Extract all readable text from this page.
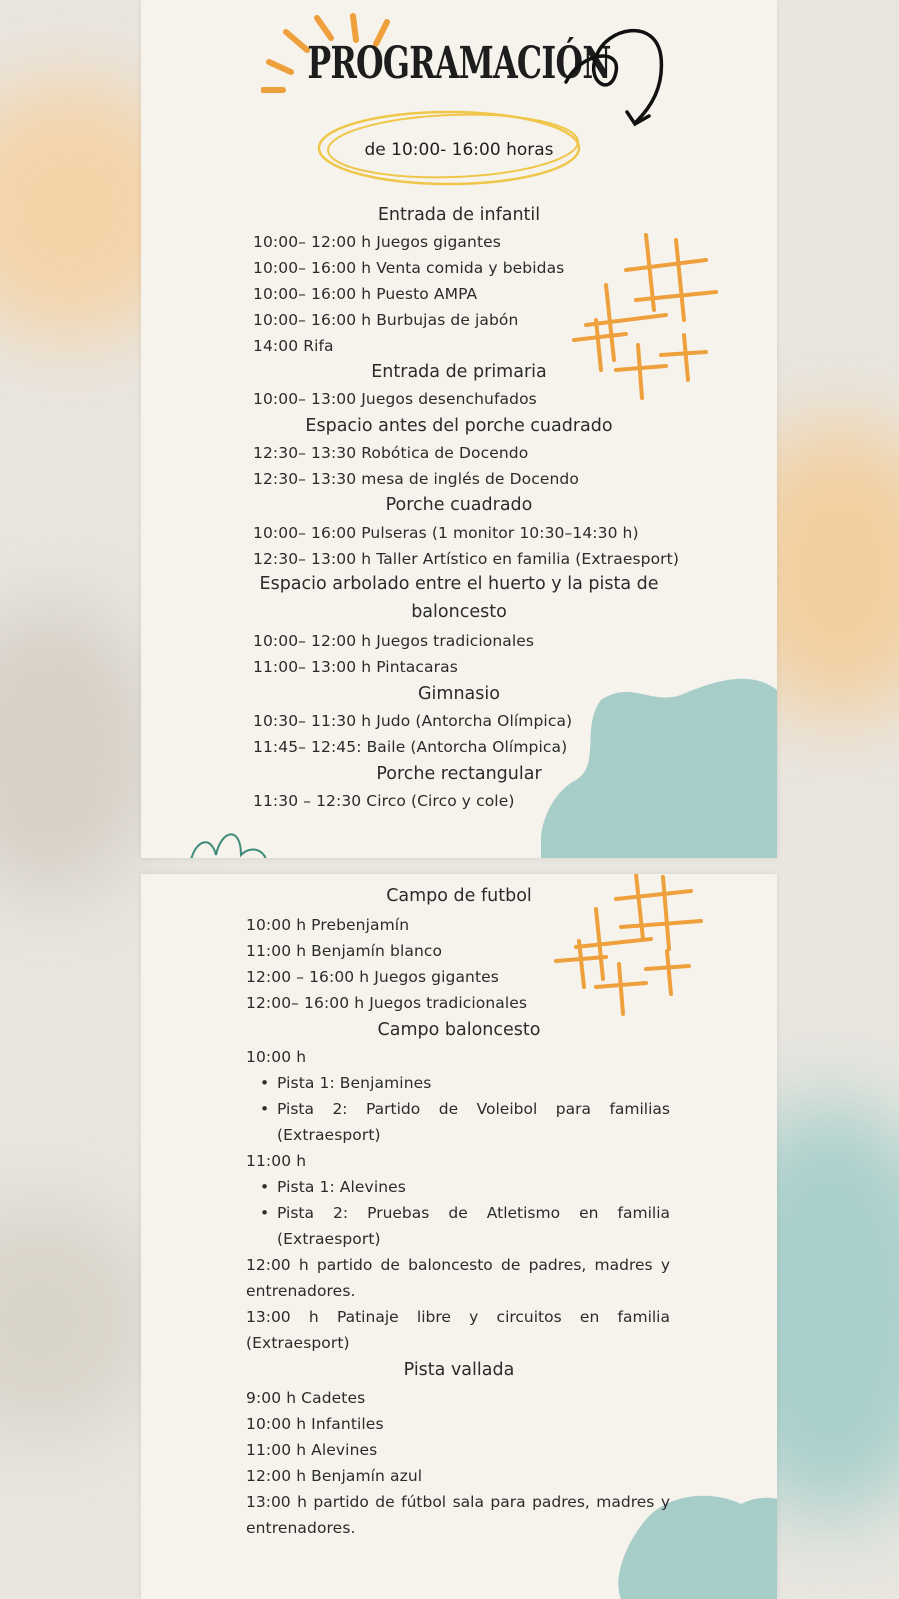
PROGRAMACIÓN
de 10:00- 16:00 horas
Entrada de infantil
10:00– 12:00 h Juegos gigantes
10:00– 16:00 h Venta comida y bebidas
10:00– 16:00 h Puesto AMPA
10:00– 16:00 h Burbujas de jabón
14:00 Rifa
Entrada de primaria
10:00– 13:00 Juegos desenchufados
Espacio antes del porche cuadrado
12:30– 13:30 Robótica de Docendo
12:30– 13:30 mesa de inglés de Docendo
Porche cuadrado
10:00– 16:00 Pulseras (1 monitor 10:30–14:30 h)
12:30– 13:00 h Taller Artístico en familia (Extraesport)
Espacio arbolado entre el huerto y la pista de
baloncesto
10:00– 12:00 h Juegos tradicionales
11:00– 13:00 h Pintacaras
Gimnasio
10:30– 11:30 h Judo (Antorcha Olímpica)
11:45– 12:45: Baile (Antorcha Olímpica)
Porche rectangular
11:30 – 12:30 Circo (Circo y cole)
Campo de futbol
10:00 h Prebenjamín
11:00 h Benjamín blanco
12:00 – 16:00 h Juegos gigantes
12:00– 16:00 h Juegos tradicionales
Campo baloncesto
10:00 h
• Pista 1: Benjamines
• Pista 2: Partido de Voleibol para familias
(Extraesport)
11:00 h
• Pista 1: Alevines
• Pista 2: Pruebas de Atletismo en familia
(Extraesport)
12:00 h partido de baloncesto de padres, madres y
entrenadores.
13:00 h Patinaje libre y circuitos en familia
(Extraesport)
Pista vallada
9:00 h Cadetes
10:00 h Infantiles
11:00 h Alevines
12:00 h Benjamín azul
13:00 h partido de fútbol sala para padres, madres y
entrenadores.
